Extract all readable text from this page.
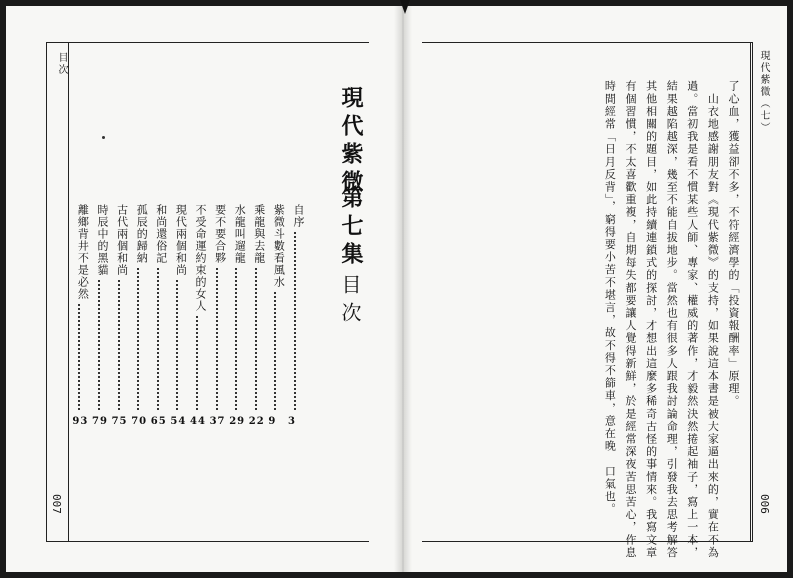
目次	現代紫微（七）
007	006
現代紫微
第七集
目次
自序
3
紫微斗數看風水
9
乘龍與去龍
22
水龍叫遛龍
29
要不要合夥
37
不受命運約束的女人
44
現代兩個和尚
54
和尚還俗記
65
孤辰的歸納
70
古代兩個和尚
75
時辰中的黑貓
79
離鄉背井不是必然
93
了心血，獲益卻不多，不符經濟學的「投資報酬率」原理。
　山衣地感謝朋友對《現代紫微》的支持，如果說這本書是被大家逼出來的，實在不為
過。當初我是看不慣某些人師、專家、權威的著作，才毅然決然捲起袖子，寫上一本，
結果越陷越深，幾至不能自拔地步。當然也有很多人跟我討論命理，引發我去思考解答
其他相關的題目，如此持續連鎖式的探討，才想出這麼多稀奇古怪的事情來。我寫文章
有個習慣，不太喜歡重複，自期每失都要讓人覺得新鮮，於是經常深夜苦思苦心，作息
時間經常「日月反背」，窮得要小苦不堪言，故不得不篩車，意在晚　口氣也。
